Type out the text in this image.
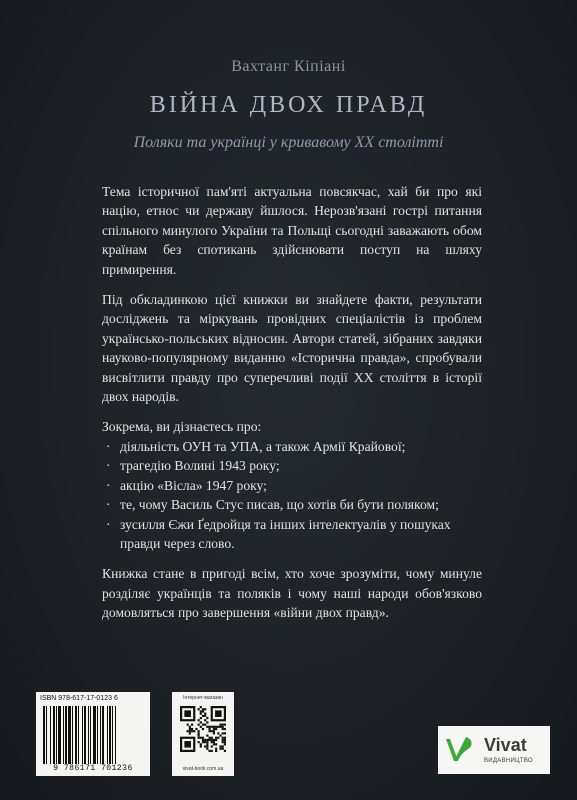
Вахтанг Кіпіані
ВІЙНА ДВОХ ПРАВД
Поляки та українці у кривавому ХХ столітті

Тема історичної пам'яті актуальна повсякчас, хай би про які націю, етнос чи державу йшлося. Нерозв'язані гострі питання спільного минулого України та Польщі сьогодні заважають обом країнам без спотикань здійснювати поступ на шляху примирення.

Під обкладинкою цієї книжки ви знайдете факти, результати досліджень та міркувань провідних спеціалістів із проблем українсько-польських відносин. Автори статей, зібраних завдяки науково-популярному виданню «Історична правда», спробували висвітлити правду про суперечливі події ХХ століття в історії двох народів.

Зокрема, ви дізнаєтесь про:

· діяльність ОУН та УПА, а також Армії Крайової;
· трагедію Волині 1943 року;
· акцію «Вісла» 1947 року;
· те, чому Василь Стус писав, що хотів би бути поляком;
· зусилля Єжи Ґедройця та інших інтелектуалів у пошуках правди через слово.

Книжка стане в пригоді всім, хто хоче зрозуміти, чому минуле розділяє українців та поляків і чому наші народи обов'язково домовляться про завершення «війни двох правд».

ISBN 978-617-17-0123 6
9 786171 701236
Інтернет-магазин
vivat-book.com.ua
Vivat
ВИДАВНИЦТВО
